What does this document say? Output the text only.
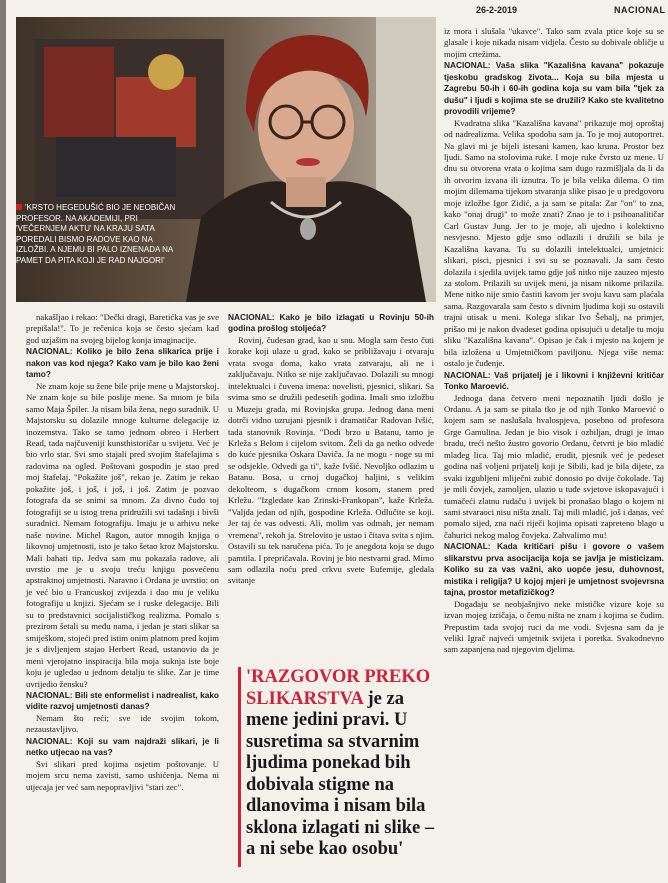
26-2-2019	NACIONAL
'KRSTO HEGEDUŠIĆ BIO JE NEOBIČAN PROFESOR. NA AKADEMIJI, PRI 'VEČERNJEM AKTU' NA KRAJU SATA POREDALI BISMO RADOVE KAO NA IZLOŽBI. A NJEMU BI PALO IZNENADA NA PAMET DA PITA KOJI JE RAD NAJGORI'

nakašljao i rekao: "Dečki dragi, Baretićka vas je sve prepišala!". To je rečenica koja se često sjećam kad god uzjašim na svojeg bijelog konja imaginacije.

NACIONAL: Koliko je bilo žena slikarica prije i nakon vas kod njega? Kako vam je bilo kao ženi tamo?

Ne znam koje su žene bile prije mene u Majstorskoj. Ne znam koje su bile poslije mene. Sa mnom je bila samo Maja Špiler. Ja nisam bila žena, nego suradnik. U Majstorsku su dolazile mnoge kulturne delegacije iz inozemstva. Tako se tamo jednom obreo i Herbert Read, tada najčuveniji kunsthistoričar u svijetu. Već je bio vrlo star. Svi smo stajali pred svojim štafelajima s radovima na ogled. Poštovani gospodin je stao pred moj štafelaj. "Pokažite još", rekao je. Zatim je rekao pokažite još, i još, i još, i još. Zatim je pozvao fotografa da se snimi sa mnom. Za divno čudo toj fotografiji se u istog trena pridružili svi tadašnji i bivši suradnici. Nemam fotografiju. Imaju je u arhivu neke naše novine. Michel Ragon, autor mnogih knjiga o likovnoj umjetnosti, isto je tako šetao kroz Majstorsku. Mali bahati tip. Jedva sam mu pokazala radove, ali uvrstio me je u svoju treću knjigu posvećenu apstraktnoj umjetnosti. Naravno i Ordana je uvrstio: on je već bio u Francuskoj zvijezda i dao mu je veliku fotografiju u knjizi. Sjećam se i ruske delegacije. Bili su to predstavnici socijalističkog realizma. Pomalo s prezirom šetali su među nama, i jedan je stari slikar sa smiješkom, stojeći pred istim onim platnom pred kojim je s divljenjem stajao Herbert Read, ustanovio da je meni vjerojatno inspiracija bila moja suknja iste boje koju je ugledao u jednom detalju te slike. Zar je time uvrijedio žensku?

NACIONAL: Bili ste enformelist i nadrealist, kako vidite razvoj umjetnosti danas?

Nemam što reći; sve ide svojim tokom, nezaustavljivo.

NACIONAL: Koji su vam najdraži slikari, je li netko utjecao na vas?

Svi slikari pred kojima osjetim poštovanje. U mojem srcu nema zavisti, samo ushićenja. Nema ni utjecaja jer već sam nepopravljivi "stari zec".

NACIONAL: Kako je bilo izlagati u Rovinju 50-ih godina prošlog stoljeća?

Rovinj, čudesan grad, kao u snu. Mogla sam često čuti korake koji ulaze u grad, kako se približavaju i otvaraju vrata svoga doma, kako vrata zatvaraju, ali ne i zaključavaju. Nitko se nije zaključavao. Dolazili su mnogi intelektualci i čuvena imena: novelisti, pjesnici, slikari. Sa svima smo se družili pedesetih godina. Imali smo izložbu u Muzeju grada, mi Rovinjska grupa. Jednog dana meni dotrči vidno uzrujani pjesnik i dramatičar Radovan Ivšić, tada stanovnik Rovinja. "Dođi brzo u Batanu, tamo je Krleža s Belom i cijelom svitom. Želi da ga netko odvede do kuće pjesnika Oskara Daviča. Ja ne mogu - noge su mi se odsjekle. Odvedi ga ti", kaže Ivšić. Nevoljko odlazim u Batanu. Bosa, u crnoj dugačkoj haljini, s velikim dekolteom, s dugačkom crnom kosom, stanem pred Krležu. "Izgledate kao Zrinski-Frankopan", kaže Krleža. "Valjda jedan od njih, gospodine Krleža. Odlučite se koji. Jer taj će vas odvesti. Ali, molim vas odmah, jer nemam vremena", rekoh ja. Strelovito je ustao i čitava svita s njim. Ostavili su tek naručena pića. To je anegdota koja se dugo pamtila. I prepričavala. Rovinj je bio nestvarni grad. Mimo sam odlazila noću pred crkvu svete Eufemije, gledala svitanje

iz mora i slušala "ukavce". Tako sam zvala ptice koje su se glasale i koje nikada nisam vidjela. Često su dobivale obličje u mojim crtežima.

NACIONAL: Vaša slika "Kazališna kavana" pokazuje tjeskobu gradskog života... Koja su bila mjesta u Zagrebu 50-ih i 60-ih godina koja su vam bila "tjek za dušu" i ljudi s kojima ste se družili? Kako ste kvalitetno provodili vrijeme?

Kvadratna slika "Kazališna kavana" prikazuje moj oproštaj od nadrealizma. Velika spodoba sam ja. To je moj autoportret. Na glavi mi je bijeli istesani kamen, kao kruna. Prostor bez ljudi. Samo na stolovima ruke. I moje ruke čvrsto uz mene. U dnu su otvorena vrata o kojima sam dugo razmišljala da li da ih otvorim izvana ili iznutra. To je bila velika dilema. O tim mojim dilemama tijekom stvaranja slike pisao je u predgovoru moje izložbe Igor Zidić, a ja sam se pitala: Zar "on" to zna, kako "onaj drugi" to može znati? Znao je to i psihoanalitičar Carl Gustav Jung. Jer to je moje, ali ujedno i kolektivno nesvjesno. Mjesto gdje smo odlazili i družili se bila je Kazališna kavana. Tu su dolazili intelektualci, umjetnici: slikari, pisci, pjesnici i svi su se poznavali. Ja sam često dolazila i sjedila uvijek tamo gdje još nitko nije zauzeo mjesto za stolom. Prilazili su uvijek meni, ja nisam nikome prilazila. Mene nitko nije smio častiti kavom jer svoju kavu sam plaćala sama. Razgovarala sam često s divnim ljudima koji su ostavili trajni utisak u meni. Kolega slikar Ivo Šebalj, na primjer, prišao mi je nakon dvadeset godina opisujući u detalje tu moju sliku "Kazališna kavana". Opisao je čak i mjesto na kojem je bila izložena u Umjetničkom paviljonu. Njega više nema: ostalo je čuđenje.

NACIONAL: Vaš prijatelj je i likovni i književni kritičar Tonko Maroević.

Jednoga dana četvero meni nepoznatih ljudi došlo je Ordanu. A ja sam se pitala tko je od njih Tonko Maroević o kojem sam se naslušala hvalospjeva, posebno od profesora Grge Gamulina. Jedan je bio visok i ozbiljan, drugi je imao bradu, treći nešto žustro govorio Ordanu, četvrti je bio mladić mlađeg lica. Taj mio mladić, erudit, pjesnik već je pedeset godina naš voljeni prijatelj koji je Sibili, kad je bila dijete, za svaki izgubljeni mliječni zubić donosio po dvije čokolade. Taj je mili čovjek, zamoljen, ulazio u tuđe svjetove iskopavajući i tumačeći zlatnu rudaču i uvijek bi pronašao blago o kojem ni sami stvaraoci nisu ništa znali. Taj mili mladić, još i danas, već pomalo sijed, zna naći riječi kojima opisati zapreteno blago u čahurici nekog malog čovjeka. Zahvalimo mu!

NACIONAL: Kada kritičari pišu i govore o vašem slikarstvu prva asocijacija koja se javlja je misticizam. Koliko su za vas važni, ako uopće jesu, duhovnost, mistika i religija? U kojoj mjeri je umjetnost svojevrsna tajna, prostor metafizičkog?

Događaju se neobjašnjivo neke mističke vizure koje su izvan mojeg izričaja, o čemu ništa ne znam i kojima se čudim. Prepustim tada svojoj ruci da me vodi. Svjesna sam da je veliki Igrač najveći umjetnik svijeta i poretka. Svakodnevno sam zapanjena nad njegovim djelima.

'RAZGOVOR PREKO SLIKARSTVA je za mene jedini pravi. U susretima sa stvarnim ljudima ponekad bih dobivala stigme na dlanovima i nisam bila sklona izlagati ni slike – a ni sebe kao osobu'
